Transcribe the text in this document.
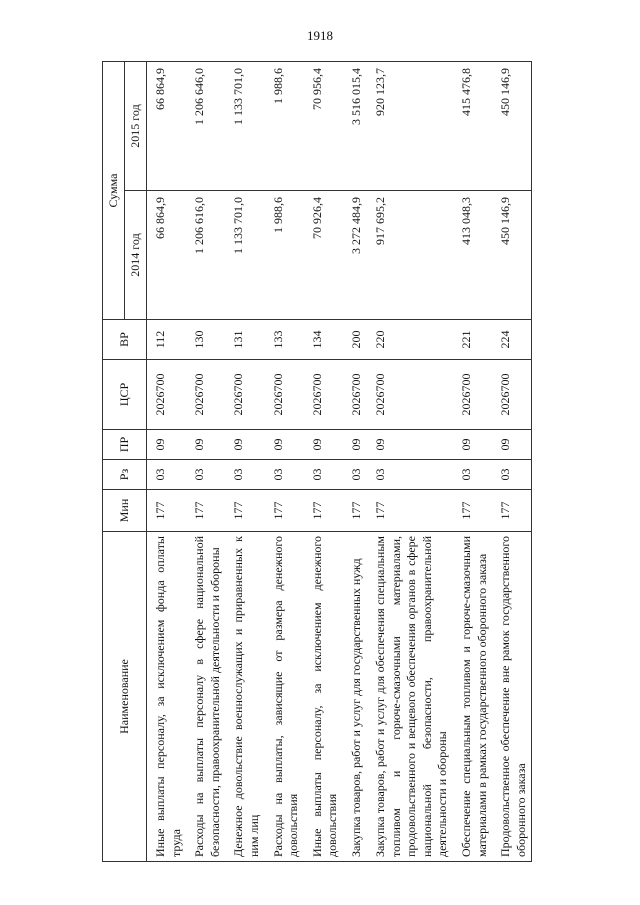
1918
Наименование	Мин	Рз	ПР	ЦСР	ВР	Сумма	
						2014 год	2015 год
Иные выплаты персоналу, за исключением фонда оплаты труда	177	03	09	2026700	112	66 864,9	66 864,9
Расходы на выплаты персоналу в сфере национальной безопасности, правоохранительной деятельности и обороны	177	03	09	2026700	130	1 206 616,0	1 206 646,0
Денежное довольствие военнослужащих и приравненных к ним лиц	177	03	09	2026700	131	1 133 701,0	1 133 701,0
Расходы на выплаты, зависящие от размера денежного довольствия	177	03	09	2026700	133	1 988,6	1 988,6
Иные выплаты персоналу, за исключением денежного довольствия	177	03	09	2026700	134	70 926,4	70 956,4
Закупка товаров, работ и услуг для государственных нужд	177	03	09	2026700	200	3 272 484,9	3 516 015,4
Закупка товаров, работ и услуг для обеспечения специальным топливом и горюче-смазочными материалами, продовольственного и вещевого обеспечения органов в сфере национальной безопасности, правоохранительной деятельности и обороны	177	03	09	2026700	220	917 695,2	920 123,7
Обеспечение специальным топливом и горюче-смазочными материалами в рамках государственного оборонного заказа	177	03	09	2026700	221	413 048,3	415 476,8
Продовольственное обеспечение вне рамок государственного оборонного заказа	177	03	09	2026700	224	450 146,9	450 146,9
